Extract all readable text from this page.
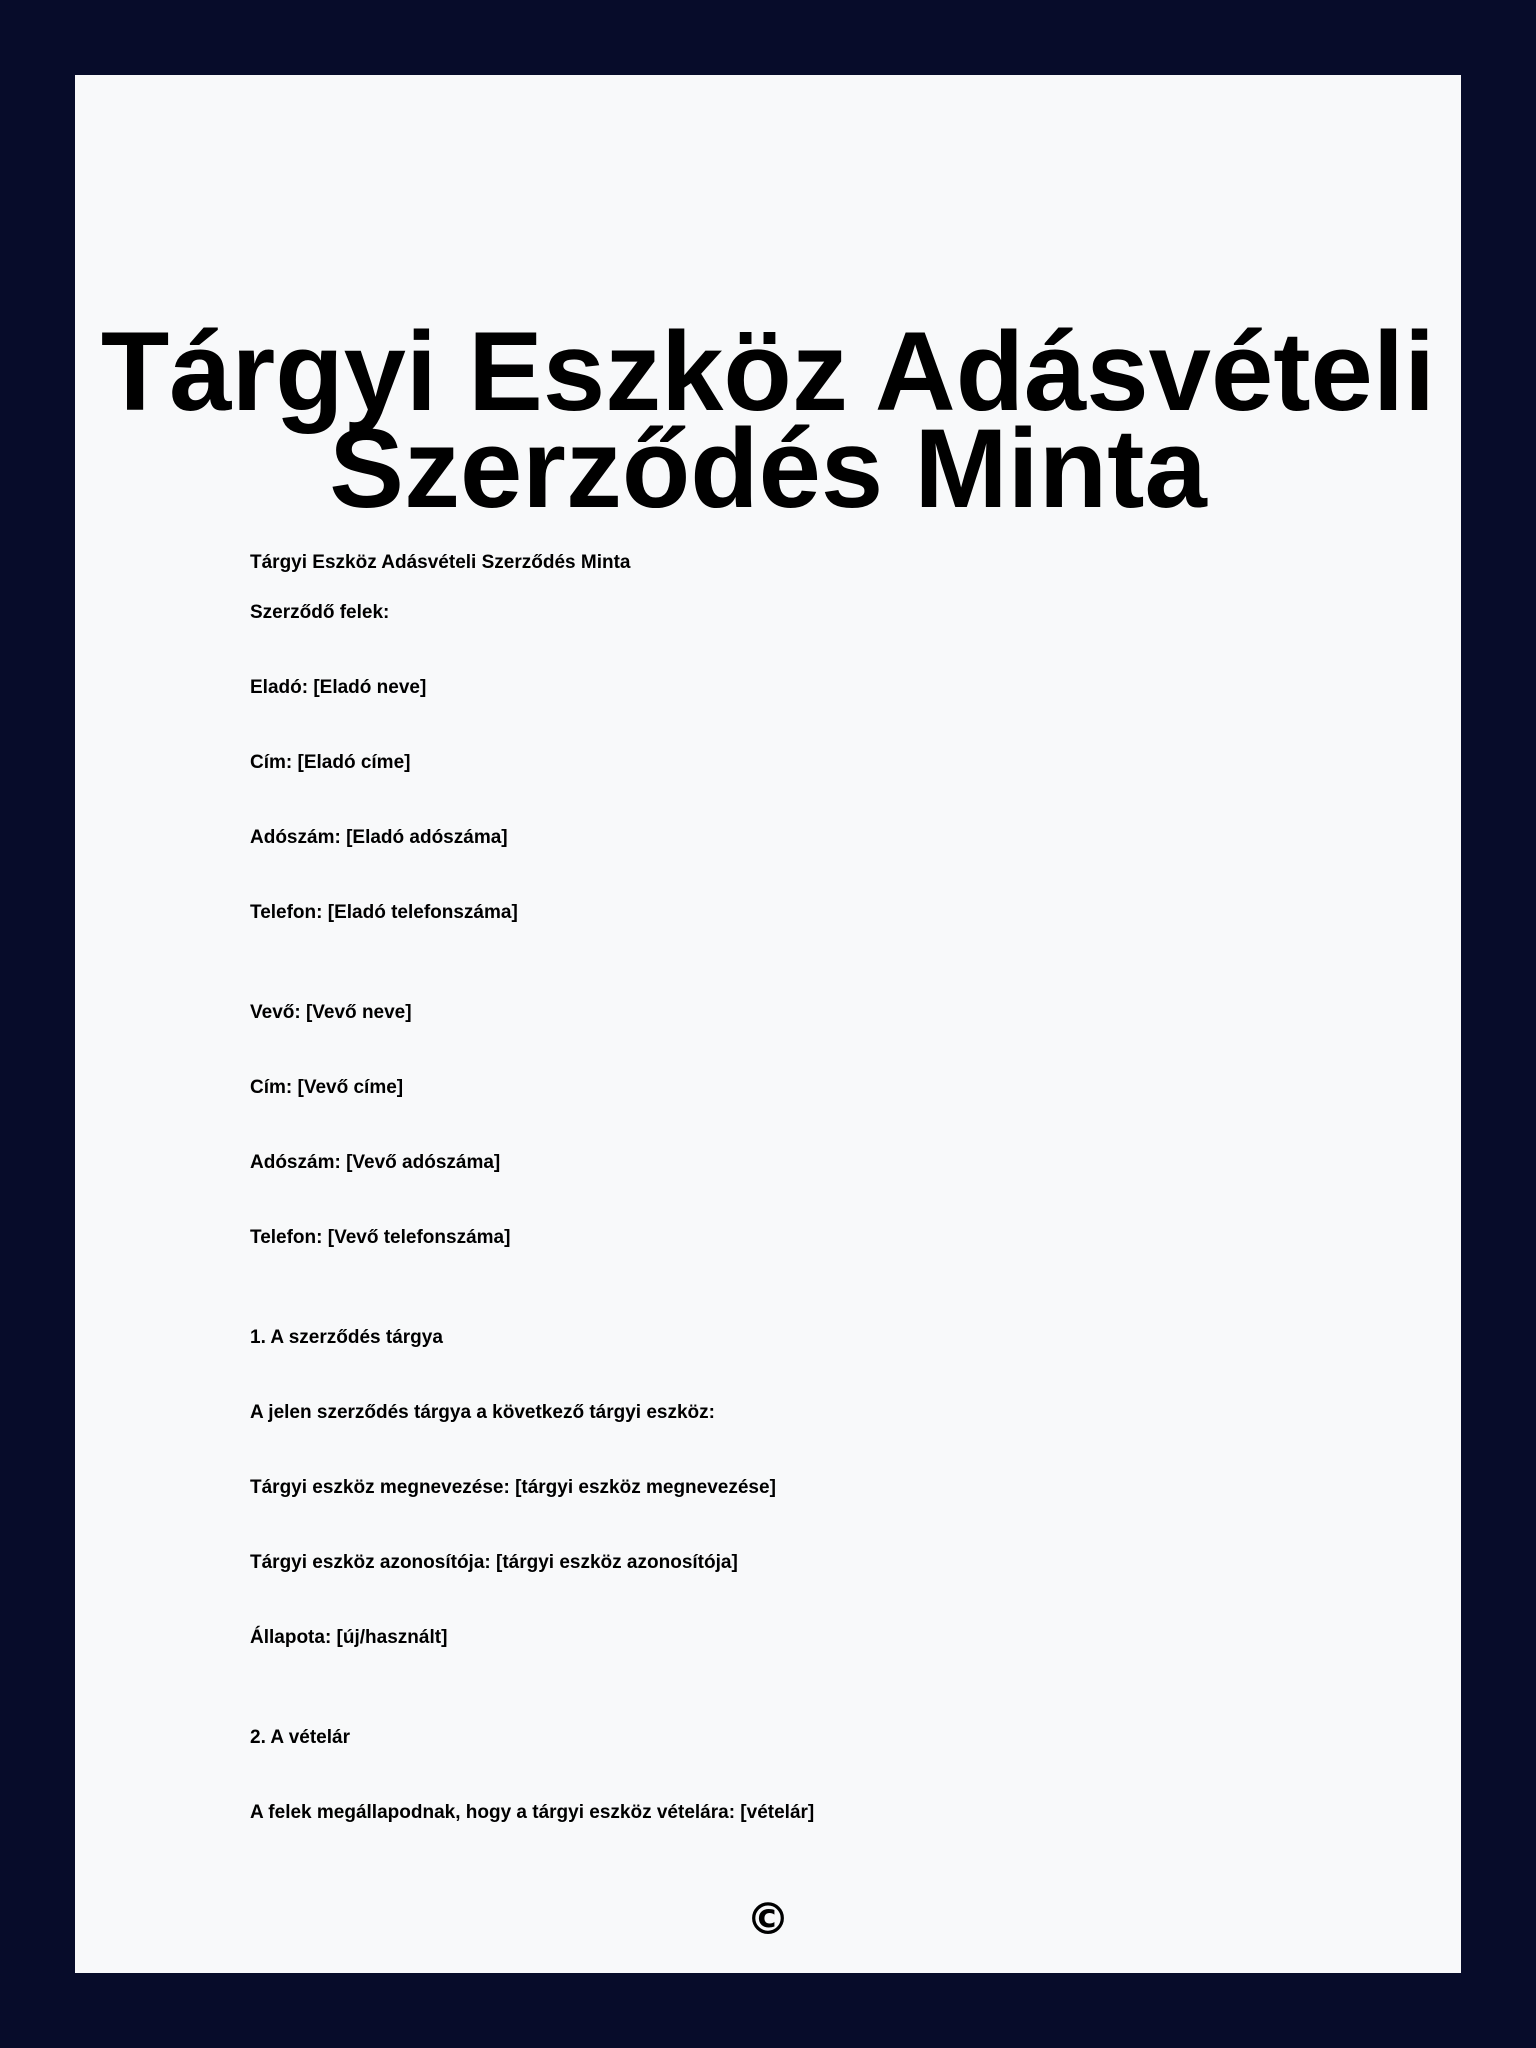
Tárgyi Eszköz Adásvételi
Szerződés Minta
Tárgyi Eszköz Adásvételi Szerződés Minta
Szerződő felek:
Eladó: [Eladó neve]
Cím: [Eladó címe]
Adószám: [Eladó adószáma]
Telefon: [Eladó telefonszáma]
Vevő: [Vevő neve]
Cím: [Vevő címe]
Adószám: [Vevő adószáma]
Telefon: [Vevő telefonszáma]
1. A szerződés tárgya
A jelen szerződés tárgya a következő tárgyi eszköz:
Tárgyi eszköz megnevezése: [tárgyi eszköz megnevezése]
Tárgyi eszköz azonosítója: [tárgyi eszköz azonosítója]
Állapota: [új/használt]
2. A vételár
A felek megállapodnak, hogy a tárgyi eszköz vételára: [vételár]
©
